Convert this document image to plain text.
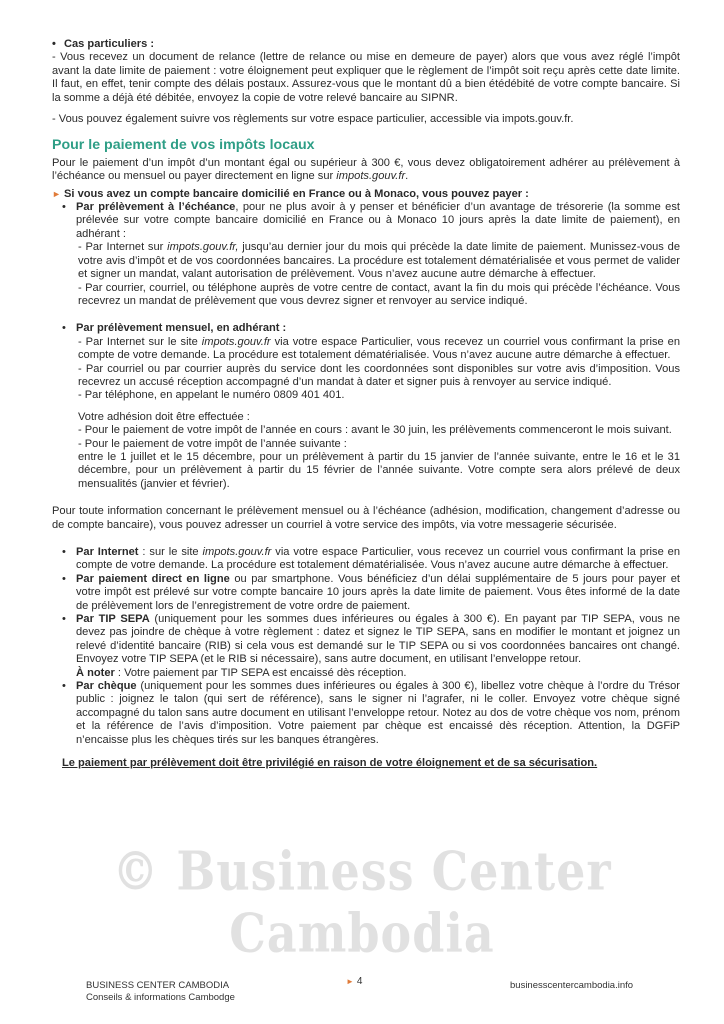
• Cas particuliers :

- Vous recevez un document de relance (lettre de relance ou mise en demeure de payer) alors que vous avez réglé l’impôt avant la date limite de paiement : votre éloignement peut expliquer que le règlement de l’impôt soit reçu après cette date limite. Il faut, en effet, tenir compte des délais postaux. Assurez-vous que le montant dû a bien étédébité de votre compte bancaire. Si la somme a déjà été débitée, envoyez la copie de votre relevé bancaire au SIPNR.

- Vous pouvez également suivre vos règlements sur votre espace particulier, accessible via impots.gouv.fr.

Pour le paiement de vos impôts locaux

Pour le paiement d’un impôt d’un montant égal ou supérieur à 300 €, vous devez obligatoirement adhérer au prélèvement à l’échéance ou mensuel ou payer directement en ligne sur impots.gouv.fr.

► Si vous avez un compte bancaire domicilié en France ou à Monaco, vous pouvez payer :

• Par prélèvement à l’échéance, pour ne plus avoir à y penser et bénéficier d’un avantage de trésorerie (la somme est prélevée sur votre compte bancaire domicilié en France ou à Monaco 10 jours après la date limite de paiement), en adhérant :

- Par Internet sur impots.gouv.fr, jusqu’au dernier jour du mois qui précède la date limite de paiement. Munissez-vous de votre avis d’impôt et de vos coordonnées bancaires. La procédure est totalement dématérialisée et vous permet de valider et signer un mandat, valant autorisation de prélèvement. Vous n’avez aucune autre démarche à effectuer.

- Par courrier, courriel, ou téléphone auprès de votre centre de contact, avant la fin du mois qui précède l’échéance. Vous recevrez un mandat de prélèvement que vous devrez signer et renvoyer au service indiqué.

• Par prélèvement mensuel, en adhérant :

- Par Internet sur le site impots.gouv.fr via votre espace Particulier, vous recevez un courriel vous confirmant la prise en compte de votre demande. La procédure est totalement dématérialisée. Vous n’avez aucune autre démarche à effectuer.

- Par courriel ou par courrier auprès du service dont les coordonnées sont disponibles sur votre avis d’imposition. Vous recevrez un accusé réception accompagné d’un mandat à dater et signer puis à renvoyer au service indiqué.

- Par téléphone, en appelant le numéro 0809 401 401.

Votre adhésion doit être effectuée :

- Pour le paiement de votre impôt de l’année en cours : avant le 30 juin, les prélèvements commenceront le mois suivant.

- Pour le paiement de votre impôt de l’année suivante :

entre le 1 juillet et le 15 décembre, pour un prélèvement à partir du 15 janvier de l’année suivante, entre le 16 et le 31 décembre, pour un prélèvement à partir du 15 février de l’année suivante. Votre compte sera alors prélevé de deux mensualités (janvier et février).

Pour toute information concernant le prélèvement mensuel ou à l’échéance (adhésion, modification, changement d’adresse ou de compte bancaire), vous pouvez adresser un courriel à votre service des impôts, via votre messagerie sécurisée.

• Par Internet : sur le site impots.gouv.fr via votre espace Particulier, vous recevez un courriel vous confirmant la prise en compte de votre demande. La procédure est totalement dématérialisée. Vous n’avez aucune autre démarche à effectuer.
• Par paiement direct en ligne ou par smartphone. Vous bénéficiez d’un délai supplémentaire de 5 jours pour payer et votre impôt est prélevé sur votre compte bancaire 10 jours après la date limite de paiement. Vous êtes informé de la date de prélèvement lors de l’enregistrement de votre ordre de paiement.
• Par TIP SEPA (uniquement pour les sommes dues inférieures ou égales à 300 €). En payant par TIP SEPA, vous ne devez pas joindre de chèque à votre règlement : datez et signez le TIP SEPA, sans en modifier le montant et joignez un relevé d’identité bancaire (RIB) si cela vous est demandé sur le TIP SEPA ou si vos coordonnées bancaires ont changé. Envoyez votre TIP SEPA (et le RIB si nécessaire), sans autre document, en utilisant l’enveloppe retour.
À noter : Votre paiement par TIP SEPA est encaissé dès réception.
• Par chèque (uniquement pour les sommes dues inférieures ou égales à 300 €), libellez votre chèque à l’ordre du Trésor public : joignez le talon (qui sert de référence), sans le signer ni l’agrafer, ni le coller. Envoyez votre chèque signé accompagné du talon sans autre document en utilisant l’enveloppe retour. Notez au dos de votre chèque vos nom, prénom et la référence de l’avis d’imposition. Votre paiement par chèque est encaissé dès réception. Attention, la DGFiP n’encaisse plus les chèques tirés sur les banques étrangères.

Le paiement par prélèvement doit être privilégié en raison de votre éloignement et de sa sécurisation.

© Business Center Cambodia
BUSINESS CENTER CAMBODIA
Conseils & informations Cambodge
► 4	businesscentercambodia.info
